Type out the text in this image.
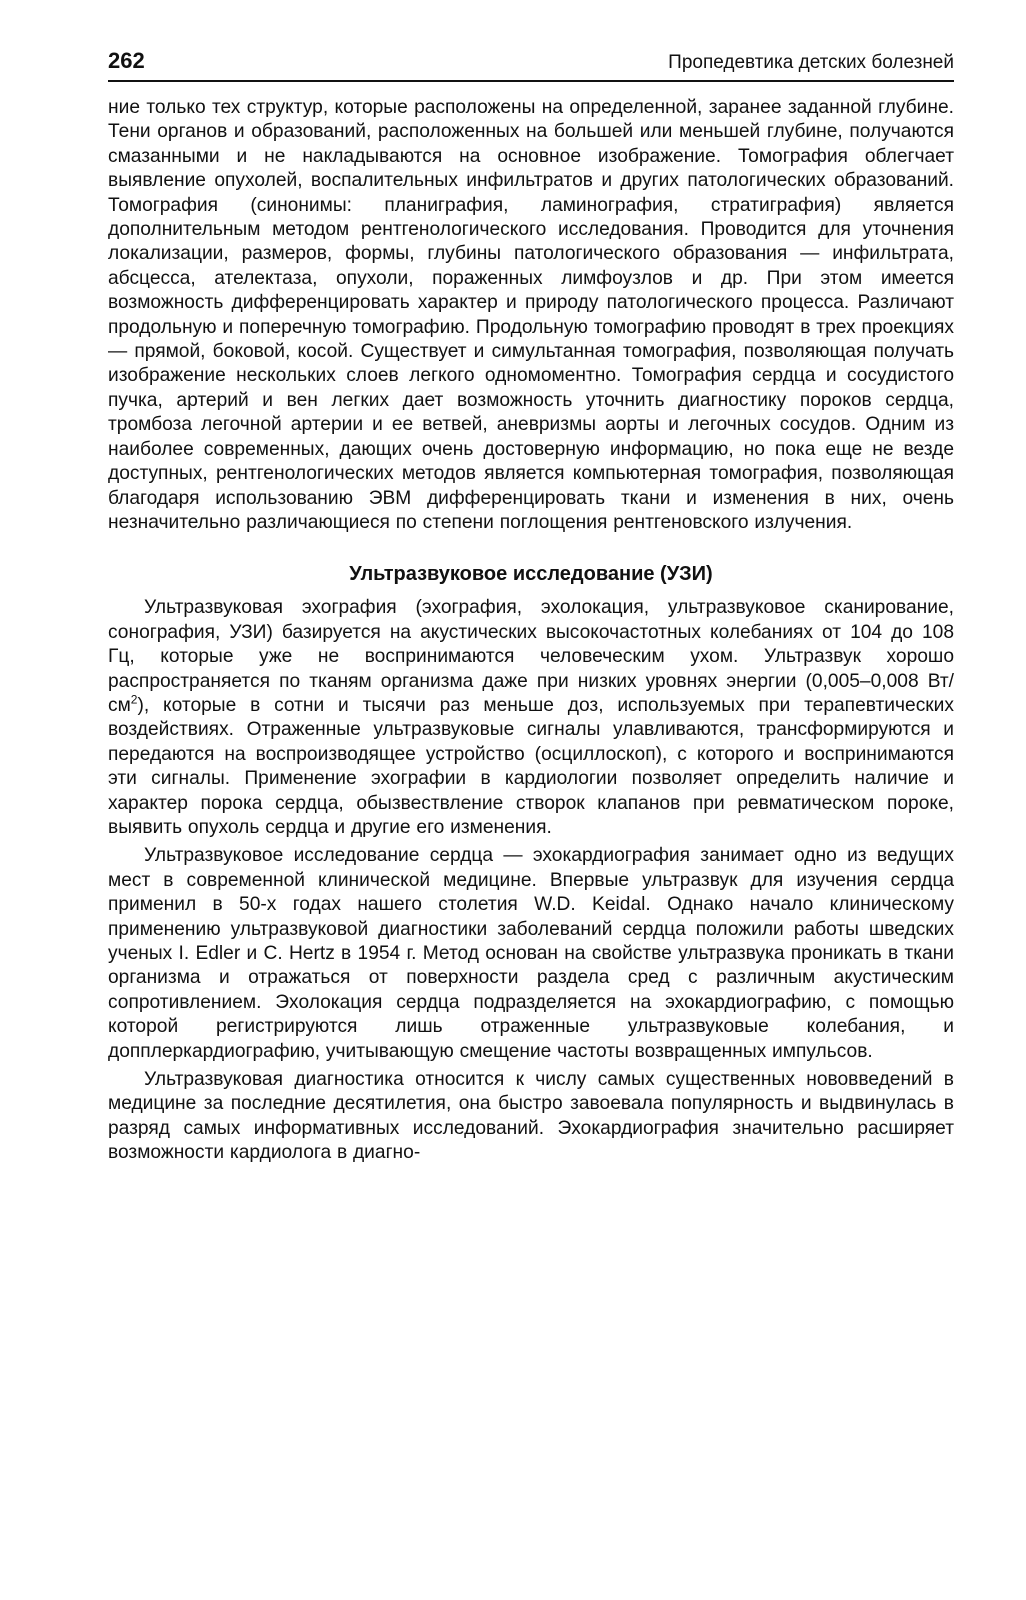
262	Пропедевтика детских болезней

ние только тех структур, которые расположены на определенной, заранее заданной глубине. Тени органов и образований, расположенных на большей или меньшей глубине, получаются смазанными и не накладываются на основное изображение. Томография облегчает выявление опухолей, воспалительных инфильтратов и других патологических образований. Томография (синонимы: планиграфия, ламинография, стратиграфия) является дополнительным методом рентгенологического исследования. Проводится для уточнения локализации, размеров, формы, глубины патологического образования — инфильтрата, абсцесса, ателектаза, опухоли, пораженных лимфоузлов и др. При этом имеется возможность дифференцировать характер и природу патологического процесса. Различают продольную и поперечную томографию. Продольную томографию проводят в трех проекциях — прямой, боковой, косой. Существует и симультанная томография, позволяющая получать изображение нескольких слоев легкого одномоментно. Томография сердца и сосудистого пучка, артерий и вен легких дает возможность уточнить диагностику пороков сердца, тромбоза легочной артерии и ее ветвей, аневризмы аорты и легочных сосудов. Одним из наиболее современных, дающих очень достоверную информацию, но пока еще не везде доступных, рентгенологических методов является компьютерная томография, позволяющая благодаря использованию ЭВМ дифференцировать ткани и изменения в них, очень незначительно различающиеся по степени поглощения рентгеновского излучения.

Ультразвуковое исследование (УЗИ)

Ультразвуковая эхография (эхография, эхолокация, ультразвуковое сканирование, сонография, УЗИ) базируется на акустических высокочастотных колебаниях от 104 до 108 Гц, которые уже не воспринимаются человеческим ухом. Ультразвук хорошо распространяется по тканям организма даже при низких уровнях энергии (0,005–0,008 $Вт/см^2$), которые в сотни и тысячи раз меньше доз, используемых при терапевтических воздействиях. Отраженные ультразвуковые сигналы улавливаются, трансформируются и передаются на воспроизводящее устройство (осциллоскоп), с которого и воспринимаются эти сигналы. Применение эхографии в кардиологии позволяет определить наличие и характер порока сердца, обызвествление створок клапанов при ревматическом пороке, выявить опухоль сердца и другие его изменения.

Ультразвуковое исследование сердца — эхокардиография занимает одно из ведущих мест в современной клинической медицине. Впервые ультразвук для изучения сердца применил в 50-х годах нашего столетия W.D. Keidal. Однако начало клиническому применению ультразвуковой диагностики заболеваний сердца положили работы шведских ученых I. Edler и C. Hertz в 1954 г. Метод основан на свойстве ультразвука проникать в ткани организма и отражаться от поверхности раздела сред с различным акустическим сопротивлением. Эхолокация сердца подразделяется на эхокардиографию, с помощью которой регистрируются лишь отраженные ультразвуковые колебания, и допплеркардиографию, учитывающую смещение частоты возвращенных импульсов.

Ультразвуковая диагностика относится к числу самых существенных нововведений в медицине за последние десятилетия, она быстро завоевала популярность и выдвинулась в разряд самых информативных исследований. Эхокардиография значительно расширяет возможности кардиолога в диагно-
